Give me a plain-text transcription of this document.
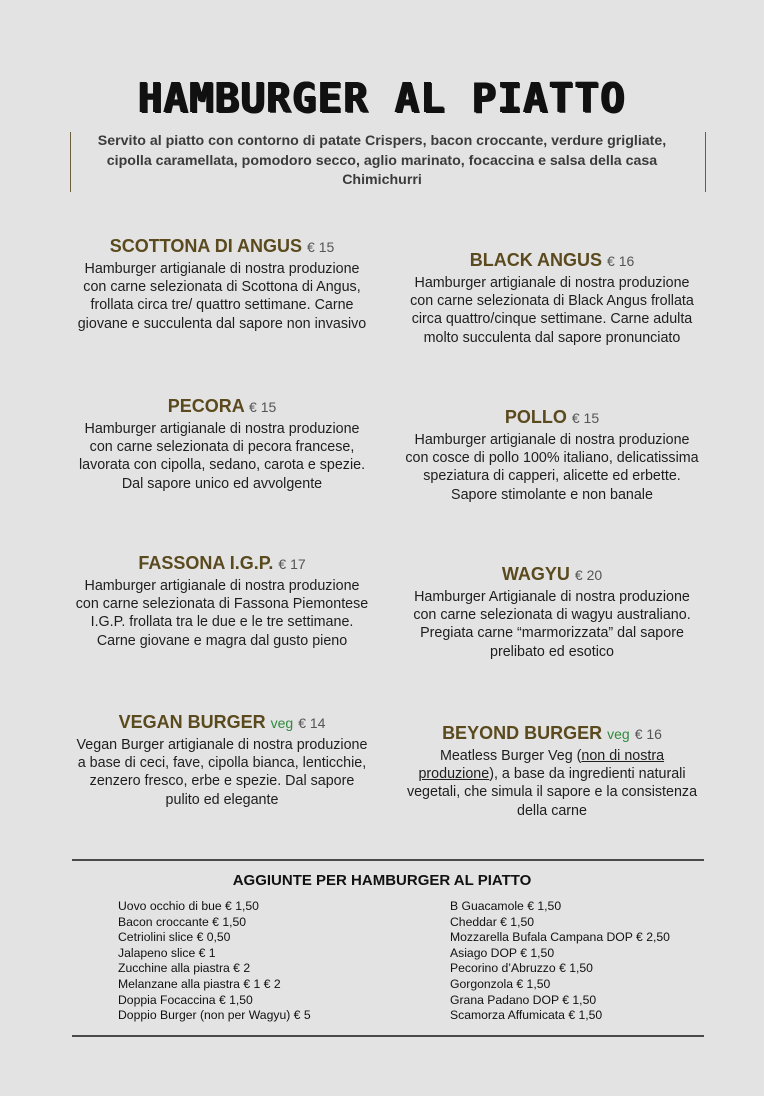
HAMBURGER AL PIATTO
Servito al piatto con contorno di patate Crispers, bacon croccante, verdure grigliate, cipolla caramellata, pomodoro secco, aglio marinato, focaccina e salsa della casa Chimichurri
SCOTTONA DI ANGUS € 15
Hamburger artigianale di nostra produzione con carne selezionata di Scottona di Angus, frollata circa tre/ quattro settimane. Carne giovane e succulenta dal sapore non invasivo
PECORA € 15
Hamburger artigianale di nostra produzione con carne selezionata di pecora francese, lavorata con cipolla, sedano, carota e spezie. Dal sapore unico ed avvolgente
FASSONA I.G.P. € 17
Hamburger artigianale di nostra produzione con carne selezionata di Fassona Piemontese I.G.P. frollata tra le due e le tre settimane. Carne giovane e magra dal gusto pieno
VEGAN BURGER veg € 14
Vegan Burger artigianale di nostra produzione a base di ceci, fave, cipolla bianca, lenticchie, zenzero fresco, erbe e spezie. Dal sapore pulito ed elegante
BLACK ANGUS € 16
Hamburger artigianale di nostra produzione con carne selezionata di Black Angus frollata circa quattro/cinque settimane. Carne adulta molto succulenta dal sapore pronunciato
POLLO € 15
Hamburger artigianale di nostra produzione con cosce di pollo 100% italiano, delicatissima speziatura di capperi, alicette ed erbette. Sapore stimolante e non banale
WAGYU € 20
Hamburger Artigianale di nostra produzione con carne selezionata di wagyu australiano. Pregiata carne “marmorizzata” dal sapore prelibato ed esotico
BEYOND BURGER veg € 16
Meatless Burger Veg (non di nostra produzione), a base da ingredienti naturali vegetali, che simula il sapore e la consistenza della carne
AGGIUNTE PER HAMBURGER AL PIATTO
Uovo occhio di bue € 1,50
Bacon croccante € 1,50
Cetriolini slice € 0,50
Jalapeno slice € 1
Zucchine alla piastra € 2
Melanzane alla piastra € 1 € 2
Doppia Focaccina € 1,50
Doppio Burger (non per Wagyu) € 5
B Guacamole € 1,50
Cheddar € 1,50
Mozzarella Bufala Campana DOP € 2,50
Asiago DOP € 1,50
Pecorino d’Abruzzo € 1,50
Gorgonzola € 1,50
Grana Padano DOP € 1,50
Scamorza Affumicata € 1,50
